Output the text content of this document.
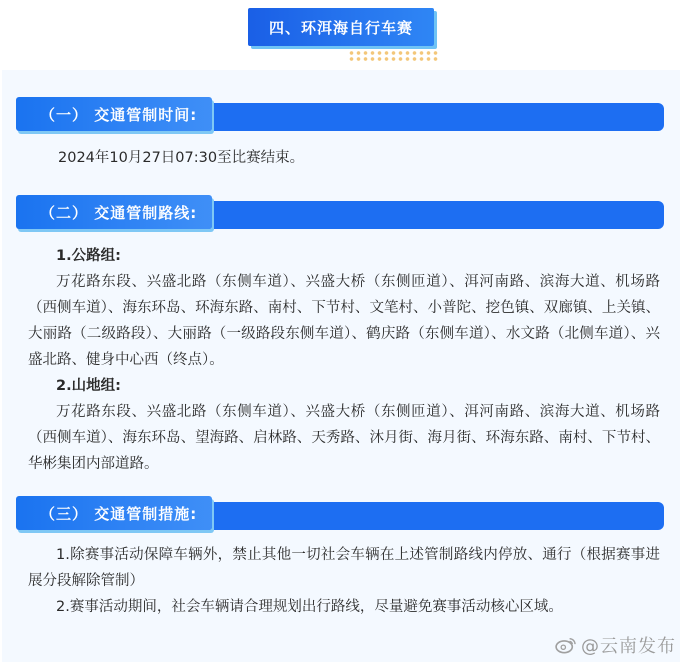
四、环洱海自行车赛
（一） 交通管制时间:
2024年10月27日07:30至比赛结束。
（二） 交通管制路线:
1.公路组:
万花路东段、兴盛北路（东侧车道）、兴盛大桥（东侧匝道）、洱河南路、滨海大道、机场路（西侧车道）、海东环岛、环海东路、南村、下节村、文笔村、小普陀、挖色镇、双廊镇、上关镇、大丽路（二级路段）、大丽路（一级路段东侧车道）、鹤庆路（东侧车道）、水文路（北侧车道）、兴盛北路、健身中心西（终点）。
2.山地组:
万花路东段、兴盛北路（东侧车道）、兴盛大桥（东侧匝道）、洱河南路、滨海大道、机场路（西侧车道）、海东环岛、望海路、启林路、天秀路、沐月街、海月街、环海东路、南村、下节村、华彬集团内部道路。
（三） 交通管制措施:
1.除赛事活动保障车辆外，禁止其他一切社会车辆在上述管制路线内停放、通行（根据赛事进展分段解除管制）
2.赛事活动期间，社会车辆请合理规划出行路线，尽量避免赛事活动核心区域。
@云南发布
